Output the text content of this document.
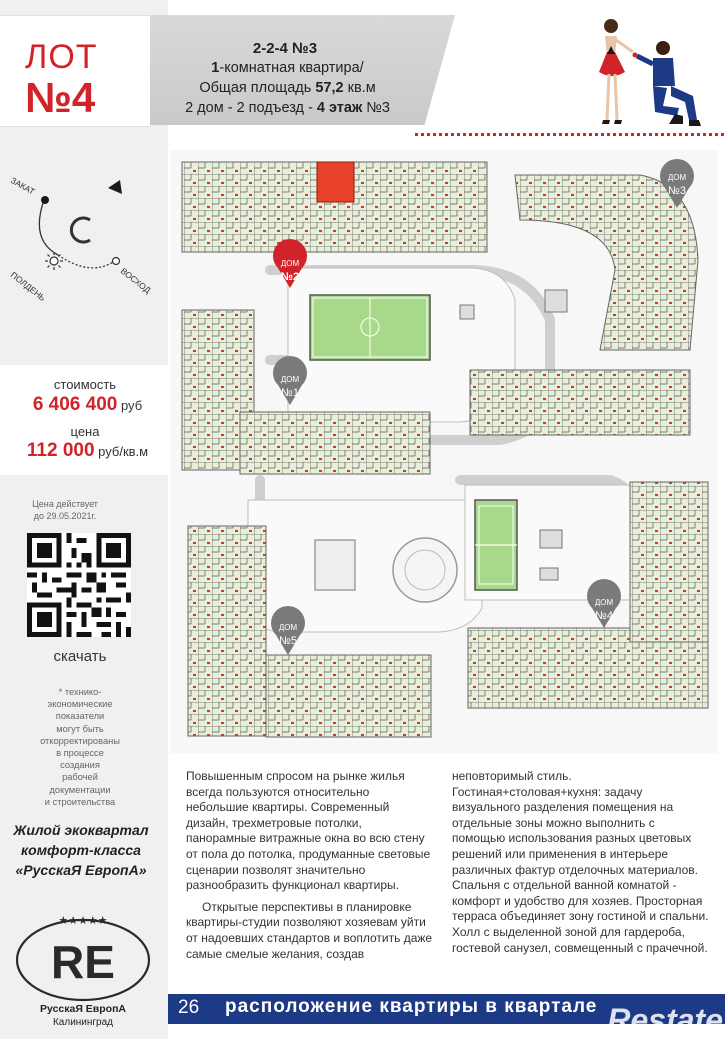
ЛОТ
№4
2-2-4 №3
1-комнатная квартира/
Общая площадь 57,2 кв.м
2 дом - 2 подъезд - 4 этаж №3
ЗАКАТ
ПОЛДЕНЬ	ВОСХОД
стоимость
6 406 400 руб
цена
112 000 руб/кв.м
Цена действует
до 29.05.2021г.
скачать
* технико-
экономические
показатели
могут быть
откорректированы
в процессе
создания
рабочей
документации
и строительства
Жилой экоквартал
комфорт-класса
«РусскаЯ ЕвропА»
★★★★★
RE
РусскаЯ ЕвропА
Калининград
ДОМ
№2
ДОМ
№1
ДОМ
№3
ДОМ
№4
ДОМ
№5

Повышенным спросом на рынке жилья всегда пользуются относительно небольшие квартиры. Современный дизайн, трехметровые потолки, панорамные витражные окна во всю стену от пола до потолка, продуманные световые сценарии позволят значительно разнообразить функционал квартиры.

Открытые перспективы в планировке квартиры-студии позволяют хозяевам уйти от надоевших стандартов и воплотить даже самые смелые желания, создав

неповторимый стиль. Гостиная+столовая+кухня: задачу визуального разделения помещения на отдельные зоны можно выполнить с помощью использования разных цветовых решений или применения в интерьере различных фактур отделочных материалов. Спальня с отдельной ванной комнатой - комфорт и удобство для хозяев. Просторная терраса объединяет зону гостиной и спальни. Холл с выделенной зоной для гардероба, гостевой санузел, совмещенный с прачечной.

26 расположение квартиры в квартале Restate
